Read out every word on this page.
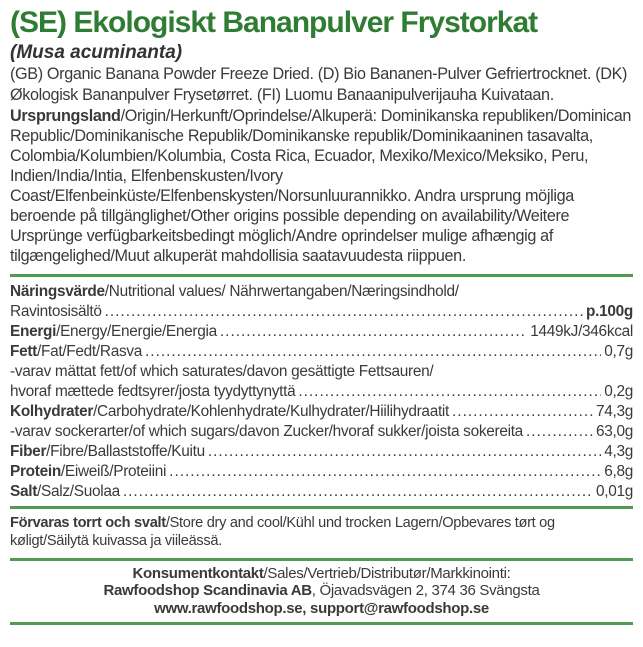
(SE) Ekologiskt Bananpulver Frystorkat

(Musa acuminanta)

(GB) Organic Banana Powder Freeze Dried. (D) Bio Bananen-Pulver Gefriertrocknet. (DK) Økologisk Bananpulver Frysetørret. (FI) Luomu Banaanipulverijauha Kuivataan.

Ursprungsland/Origin/Herkunft/Oprindelse/Alkuperä: Dominikanska republiken/Dominican Republic/Dominikanische Republik/Dominikanske republik/Dominikaaninen tasavalta, Colombia/Kolumbien/Kolumbia, Costa Rica, Ecuador, Mexiko/Mexico/Meksiko, Peru, Indien/India/Intia, Elfenbenskusten/Ivory Coast/Elfenbeinküste/Elfenbenskysten/Norsunluurannikko. Andra ursprung möjliga beroende på tillgänglighet/Other origins possible depending on availability/Weitere Ursprünge verfügbarkeitsbedingt möglich/Andre oprindelser mulige afhængig af tilgængelighed/Muut alkuperät mahdollisia saatavuudesta riippuen.

Näringsvärde/Nutritional values/ Nährwertangaben/Næringsindhold/
Ravintosisältö .....	p.100g
Energi/Energy/Energie/Energia .....	1449kJ/346kcal
Fett/Fat/Fedt/Rasva .....	0,7g
-varav mättat fett/of which saturates/davon gesättigte Fettsauren/
hvoraf mættede fedtsyrer/josta tyydyttynyttä .....	0,2g
Kolhydrater/Carbohydrate/Kohlenhydrate/Kulhydrater/Hiilihydraatit .....	74,3g
-varav sockerarter/of which sugars/davon Zucker/hvoraf sukker/joista sokereita .....	63,0g
Fiber/Fibre/Ballaststoffe/Kuitu .....	4,3g
Protein/Eiweiß/Proteiini .....	6,8g
Salt/Salz/Suolaa .....	0,01g

Förvaras torrt och svalt/Store dry and cool/Kühl und trocken Lagern/Opbevares tørt og køligt/Säilytä kuivassa ja viileässä.

Konsumentkontakt/Sales/Vertrieb/Distributør/Markkinointi:

Rawfoodshop Scandinavia AB, Öjavadsvägen 2, 374 36 Svängsta

www.rawfoodshop.se, support@rawfoodshop.se
